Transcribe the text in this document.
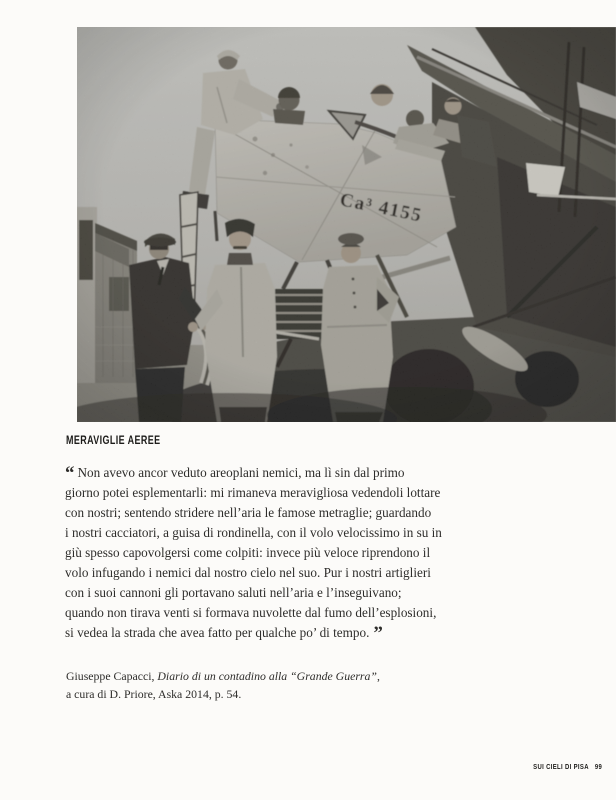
MERAVIGLIE AEREE

“ Non avevo ancor veduto areoplani nemici, ma lì sin dal primo

giorno potei esplementarli: mi rimaneva meravigliosa vedendoli lottare

con nostri; sentendo stridere nell’aria le famose metraglie; guardando

i nostri cacciatori, a guisa di rondinella, con il volo velocissimo in su in

giù spesso capovolgersi come colpiti: invece più veloce riprendono il

volo infugando i nemici dal nostro cielo nel suo. Pur i nostri artiglieri

con i suoi cannoni gli portavano saluti nell’aria e l’inseguivano;

quando non tirava venti si formava nuvolette dal fumo dell’esplosioni,

si vedea la strada che avea fatto per qualche po’ di tempo. ”

Giuseppe Capacci, Diario di un contadino alla “Grande Guerra”,

a cura di D. Priore, Aska 2014, p. 54.

SUI CIELI DI PISA 99
